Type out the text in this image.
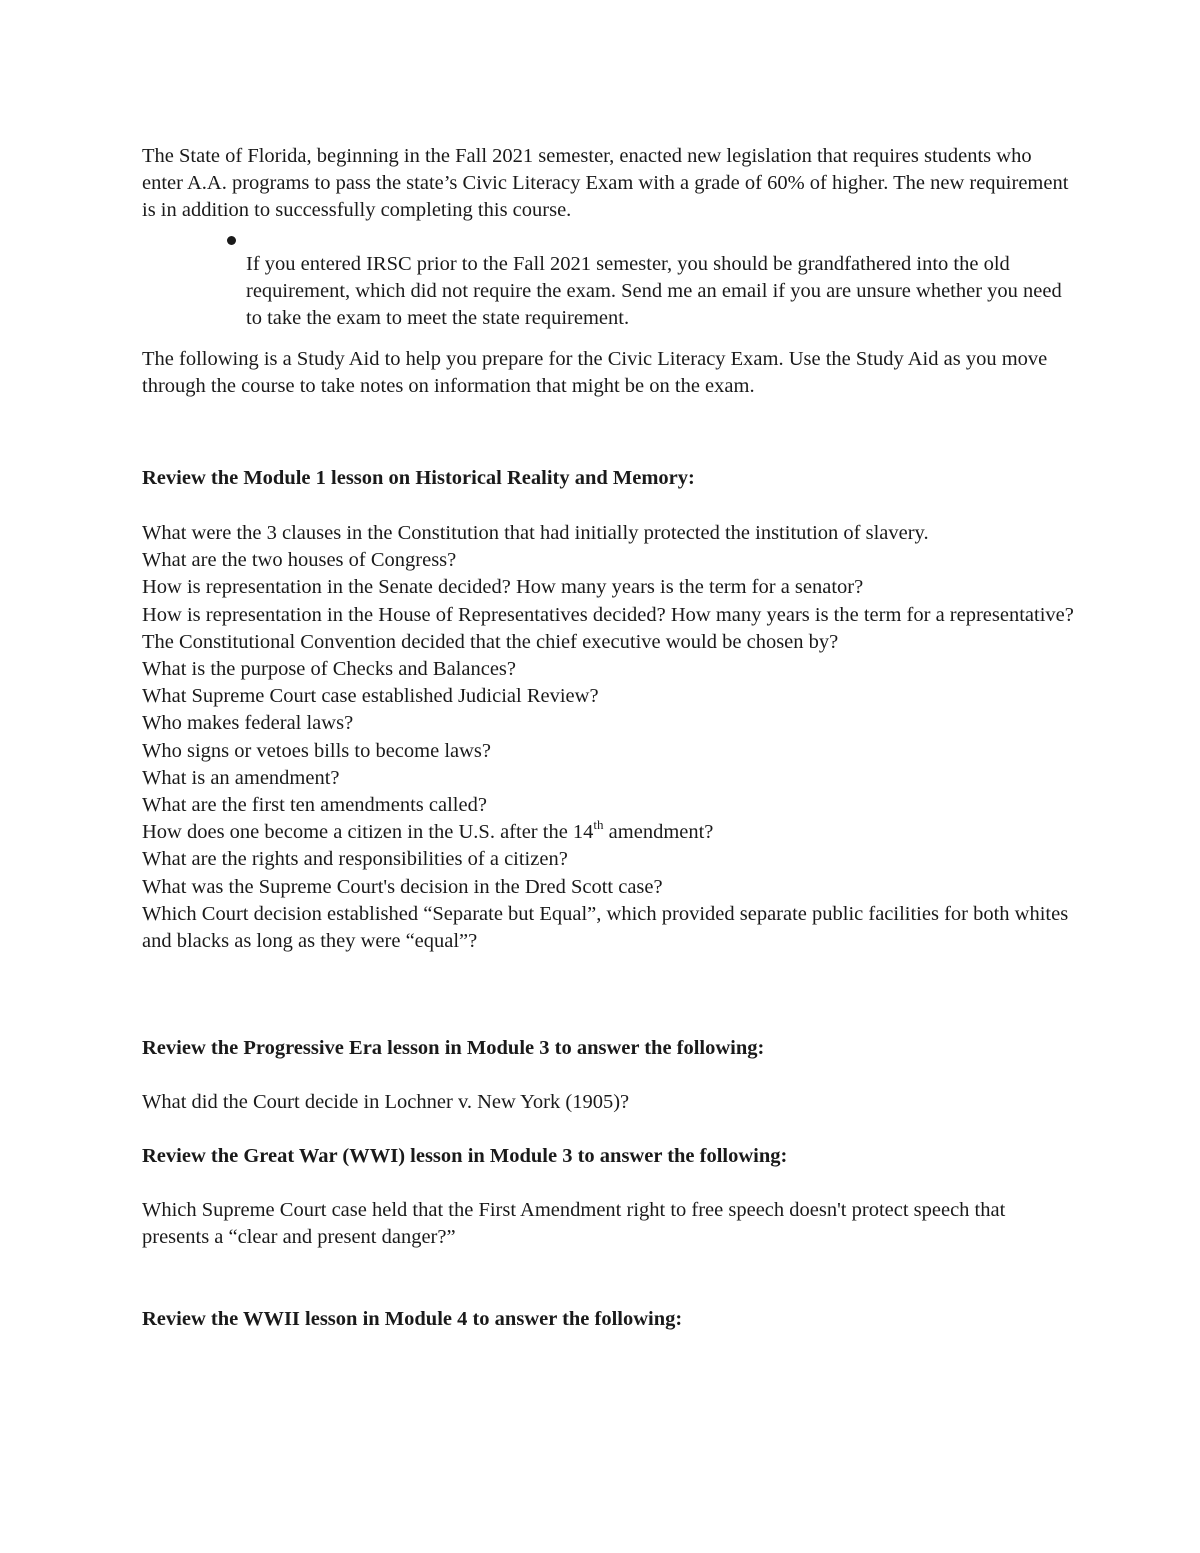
The State of Florida, beginning in the Fall 2021 semester, enacted new legislation that requires students who enter A.A. programs to pass the state’s Civic Literacy Exam with a grade of 60% of higher. The new requirement is in addition to successfully completing this course.

If you entered IRSC prior to the Fall 2021 semester, you should be grandfathered into the old requirement, which did not require the exam. Send me an email if you are unsure whether you need to take the exam to meet the state requirement.

The following is a Study Aid to help you prepare for the Civic Literacy Exam. Use the Study Aid as you move through the course to take notes on information that might be on the exam.

Review the Module 1 lesson on Historical Reality and Memory:

What were the 3 clauses in the Constitution that had initially protected the institution of slavery.
What are the two houses of Congress?
How is representation in the Senate decided? How many years is the term for a senator?
How is representation in the House of Representatives decided? How many years is the term for a representative?
The Constitutional Convention decided that the chief executive would be chosen by?
What is the purpose of Checks and Balances?
What Supreme Court case established Judicial Review?
Who makes federal laws?
Who signs or vetoes bills to become laws?
What is an amendment?
What are the first ten amendments called?
How does one become a citizen in the U.S. after the 14th amendment?
What are the rights and responsibilities of a citizen?
What was the Supreme Court's decision in the Dred Scott case?
Which Court decision established “Separate but Equal”, which provided separate public facilities for both whites and blacks as long as they were “equal”?

Review the Progressive Era lesson in Module 3 to answer the following:

What did the Court decide in Lochner v. New York (1905)?

Review the Great War (WWI) lesson in Module 3 to answer the following:

Which Supreme Court case held that the First Amendment right to free speech doesn't protect speech that presents a “clear and present danger?”

Review the WWII lesson in Module 4 to answer the following:
